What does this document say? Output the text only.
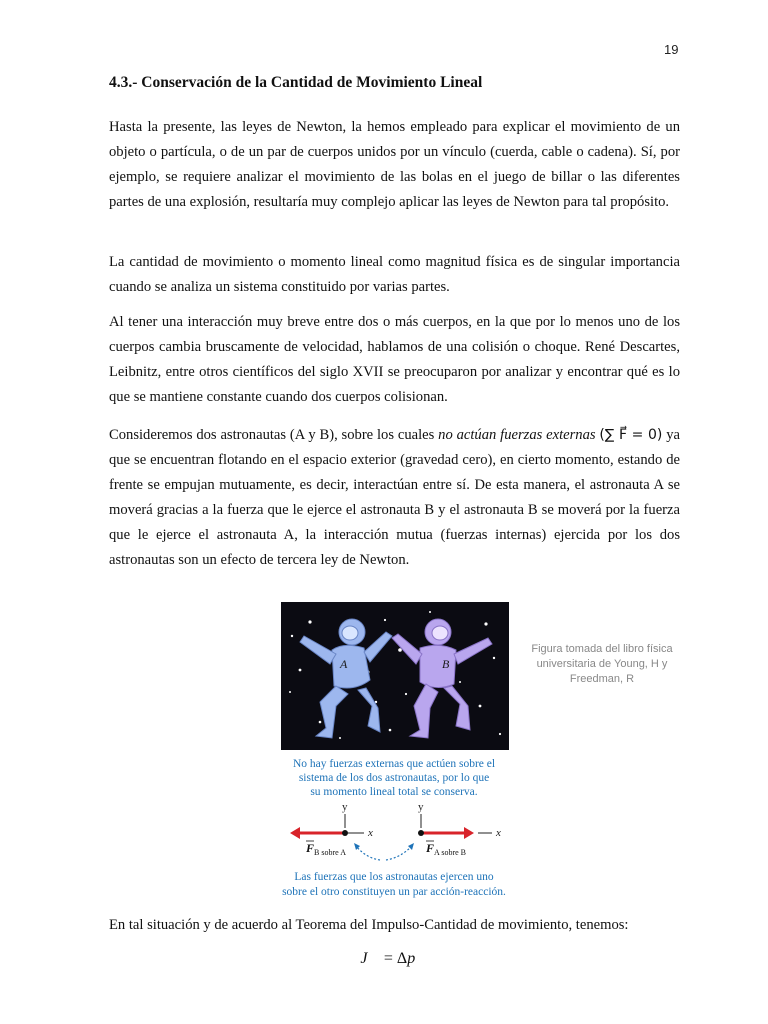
19
4.3.- Conservación de la Cantidad de Movimiento Lineal

Hasta la presente, las leyes de Newton, la hemos empleado para explicar el movimiento de un objeto o partícula, o de un par de cuerpos unidos por un vínculo (cuerda, cable o cadena). Sí, por ejemplo, se requiere analizar el movimiento de las bolas en el juego de billar o las diferentes partes de una explosión, resultaría muy complejo aplicar las leyes de Newton para tal propósito.

La cantidad de movimiento o momento lineal como magnitud física es de singular importancia cuando se analiza un sistema constituido por varias partes.

Al tener una interacción muy breve entre dos o más cuerpos, en la que por lo menos uno de los cuerpos cambia bruscamente de velocidad, hablamos de una colisión o choque. René Descartes, Leibnitz, entre otros científicos del siglo XVII se preocuparon por analizar y encontrar qué es lo que se mantiene constante cuando dos cuerpos colisionan.

Consideremos dos astronautas (A y B), sobre los cuales no actúan fuerzas externas (∑ F⃗ = 0) ya que se encuentran flotando en el espacio exterior (gravedad cero), en cierto momento, estando de frente se empujan mutuamente, es decir, interactúan entre sí. De esta manera, el astronauta A se moverá gracias a la fuerza que le ejerce el astronauta B y el astronauta B se moverá por la fuerza que le ejerce el astronauta A, la interacción mutua (fuerzas internas) ejercida por los dos astronautas son un efecto de tercera ley de Newton.

A	B
No hay fuerzas externas que actúen sobre el
sistema de los dos astronautas, por lo que
su momento lineal total se conserva.
y	y
x	x
F B sobre A	F A sobre B
Las fuerzas que los astronautas ejercen uno
sobre el otro constituyen un par acción-reacción.
Figura tomada del libro física universitaria de Young, H y Freedman, R

En tal situación y de acuerdo al Teorema del Impulso-Cantidad de movimiento, tenemos:

J⃗ = Δp⃗
